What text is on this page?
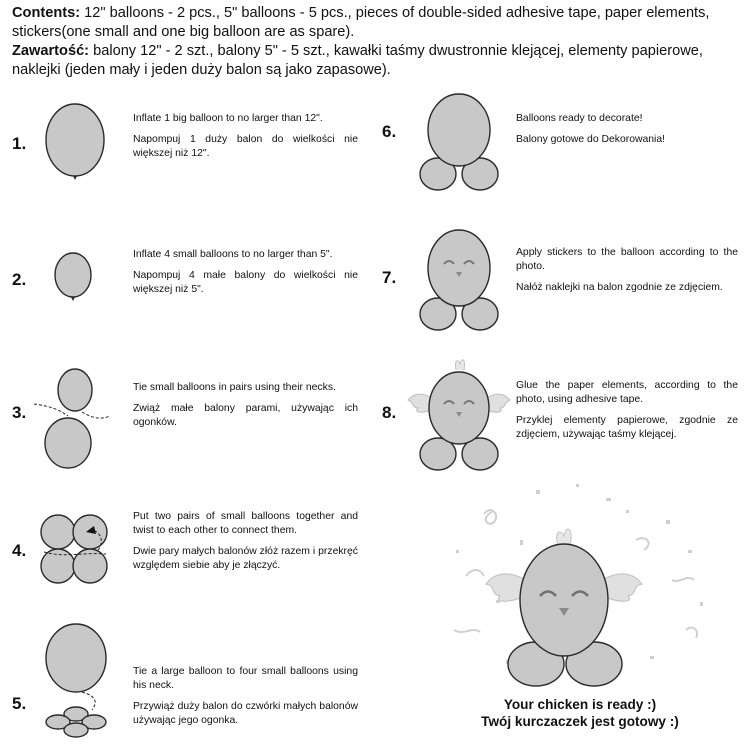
Contents: 12" balloons - 2 pcs., 5" balloons - 5 pcs., pieces of double-sided adhesive tape, paper elements, stickers(one small and one big balloon are as spare).

Zawartość: balony 12" - 2 szt., balony 5" - 5 szt., kawałki taśmy dwustronnie klejącej, elementy papierowe, naklejki (jeden mały i jeden duży balon są jako zapasowe).

1.

Inflate 1 big balloon to no larger than 12".

Napompuj 1 duży balon do wielkości nie większej niż 12".

2.

Inflate 4 small balloons to no larger than 5".

Napompuj 4 małe balony do wielkości nie większej niż 5".

3.

Tie small balloons in pairs using their necks.

Zwiąż małe balony parami, używając ich ogonków.

4.

Put two pairs of small balloons together and twist to each other to connect them.

Dwie pary małych balonów złóż razem i przekręć względem siebie aby je złączyć.

5.

Tie a large balloon to four small balloons using his neck.

Przywiąż duży balon do czwórki małych balonów używając jego ogonka.

6.

Balloons ready to decorate!

Balony gotowe do Dekorowania!

7.

Apply stickers to the balloon according to the photo.

Nałóż naklejki na balon zgodnie ze zdjęciem.

8.

Glue the paper elements, according to the photo, using adhesive tape.

Przyklej elementy papierowe, zgodnie ze zdjęciem, używając taśmy klejącej.

Your chicken is ready :)
Twój kurczaczek jest gotowy :)
